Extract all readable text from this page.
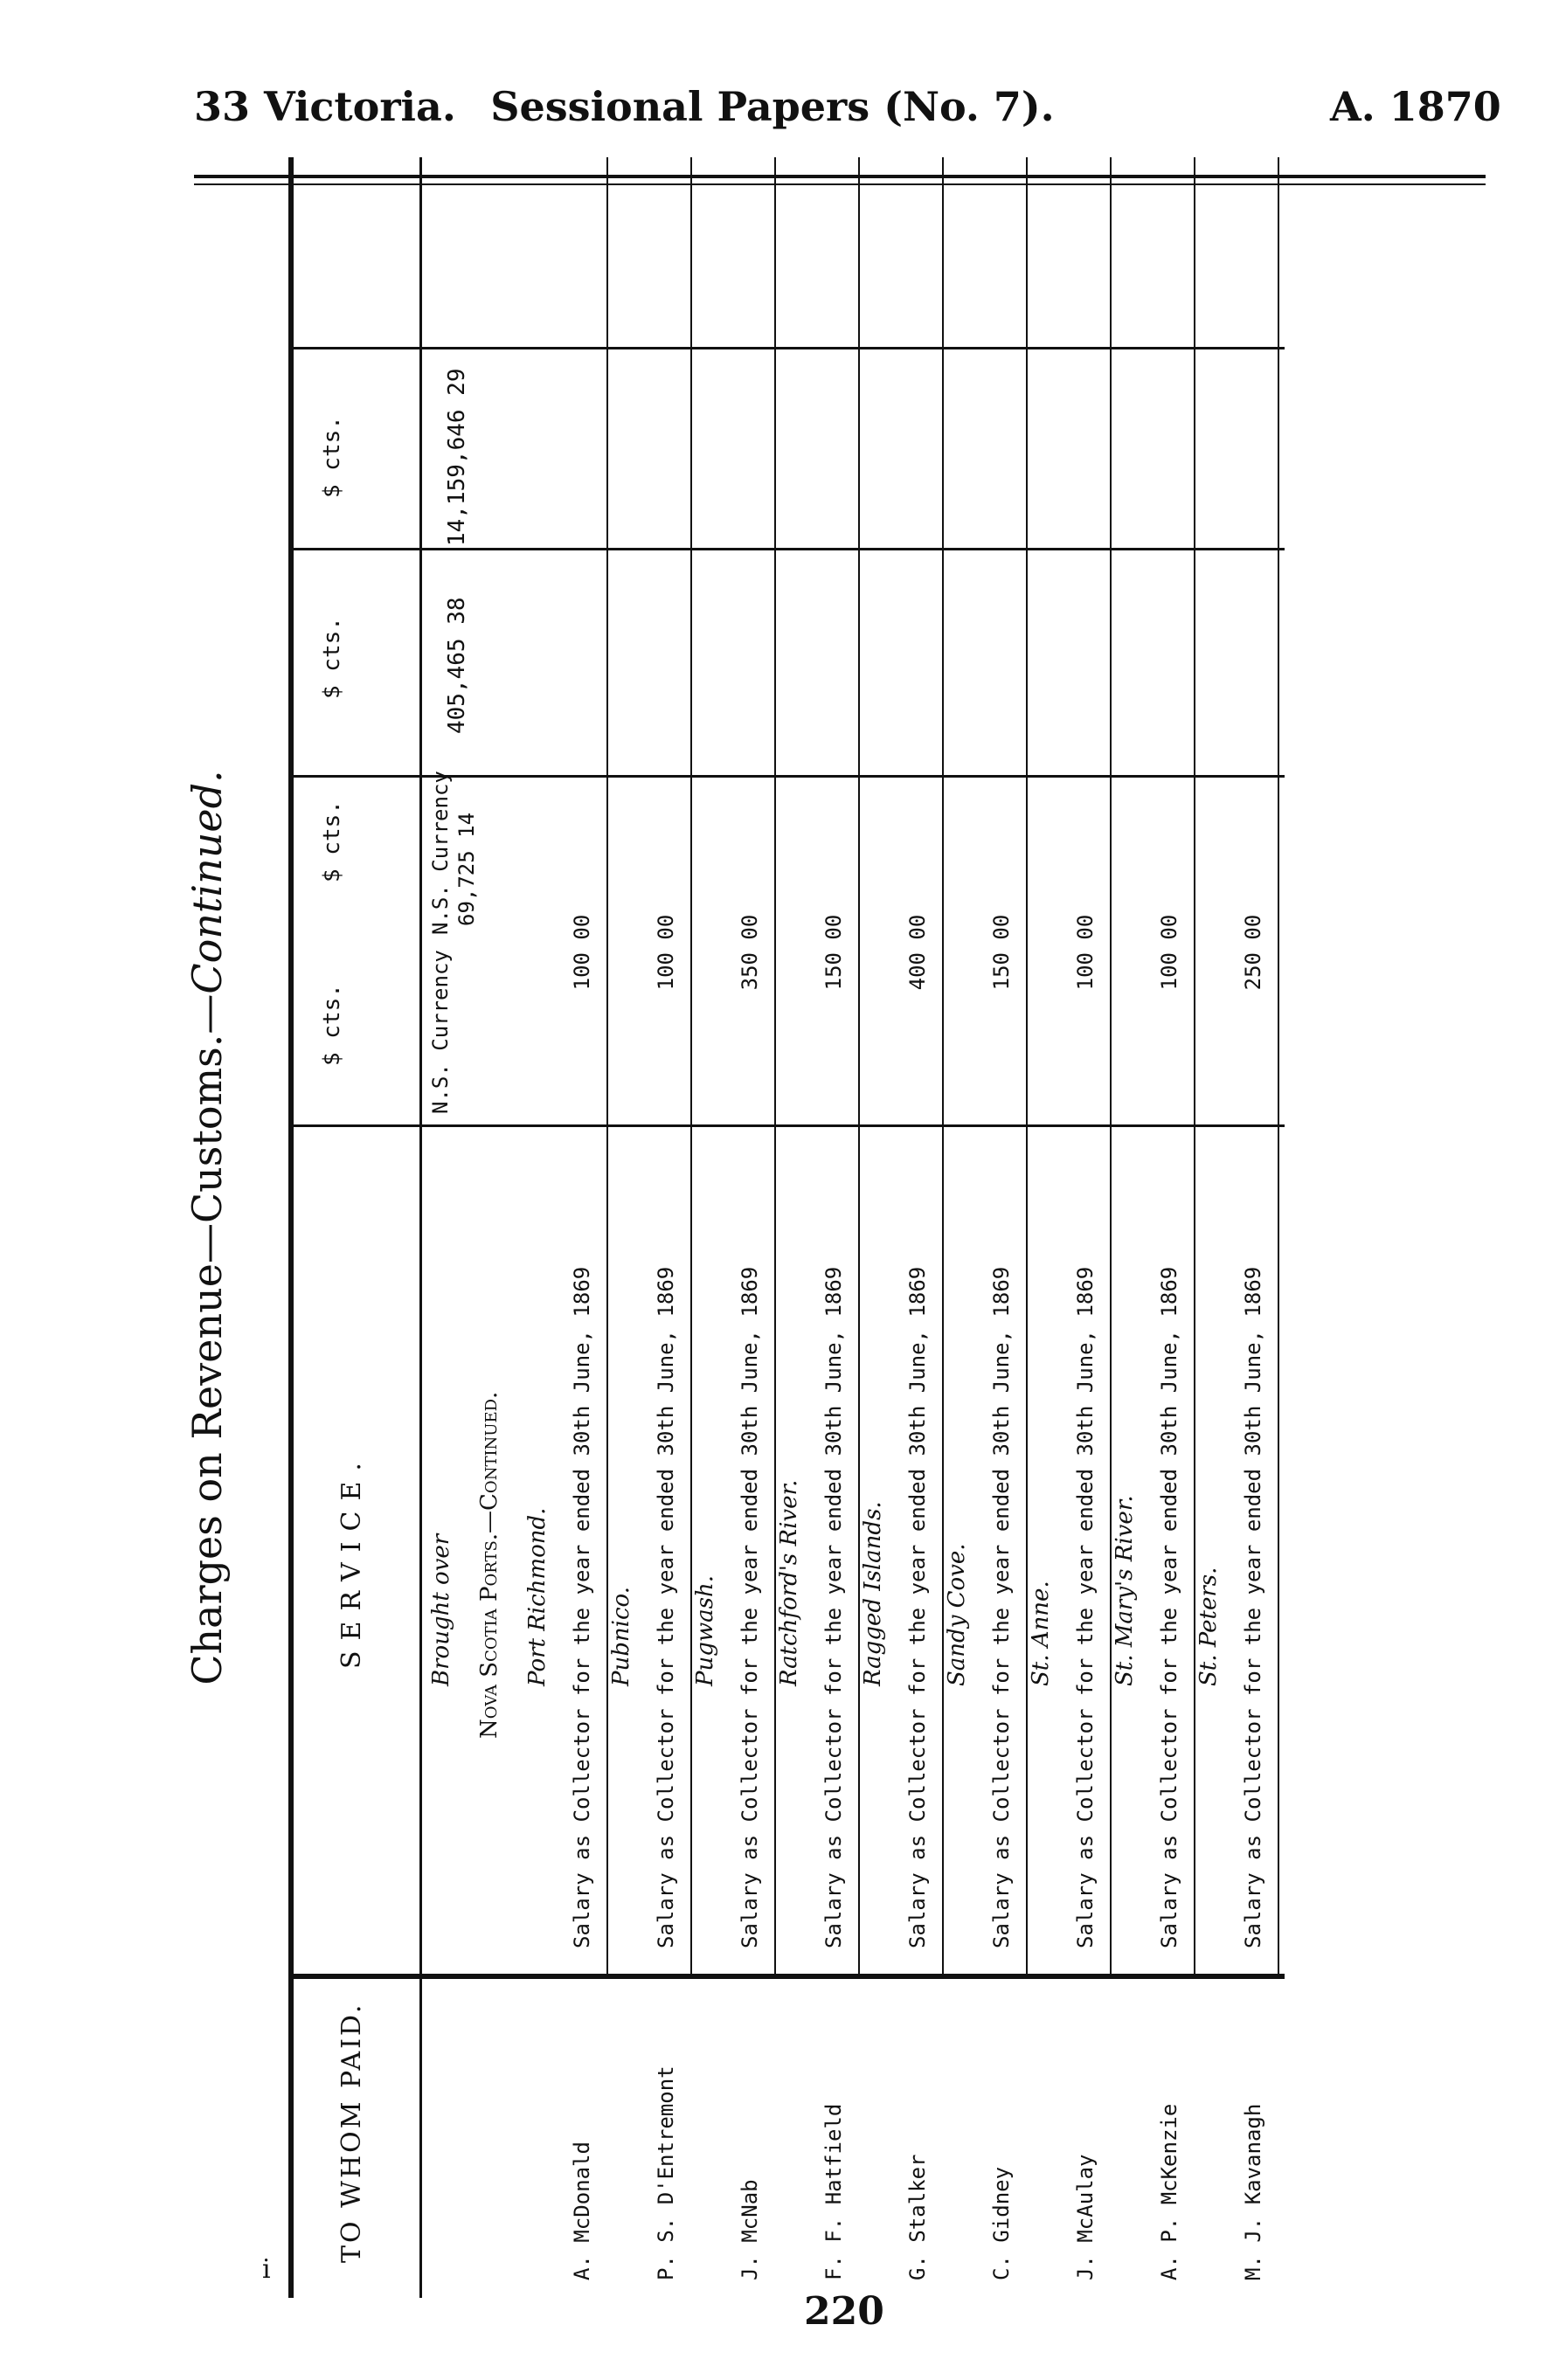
33 Victoria. Sessional Papers (No. 7).	A. 1870
Charges on Revenue—Customs.—Continued.
TO WHOM PAID.
SERVICE.
$ cts.
$ cts.
$ cts.
$ cts.
Brought over
N.S. Currency
N.S. Currency 69,725 14
405,465 38
14,159,646 29
Nova Scotia Ports.—Continued. Port Richmond.
A. McDonald
Salary as Collector for the year ended 30th June, 1869
100 00
Pubnico.
P. S. D'Entremont
Salary as Collector for the year ended 30th June, 1869
100 00
Pugwash.
J. McNab
Salary as Collector for the year ended 30th June, 1869
350 00
Ratchford's River.
F. F. Hatfield
Salary as Collector for the year ended 30th June, 1869
150 00
Ragged Islands.
G. Stalker
Salary as Collector for the year ended 30th June, 1869
400 00
Sandy Cove.
C. Gidney
Salary as Collector for the year ended 30th June, 1869
150 00
St. Anne.
J. McAulay
Salary as Collector for the year ended 30th June, 1869
100 00
St. Mary's River.
A. P. McKenzie
Salary as Collector for the year ended 30th June, 1869
100 00
St. Peters.
M. J. Kavanagh
Salary as Collector for the year ended 30th June, 1869
250 00
220
i
